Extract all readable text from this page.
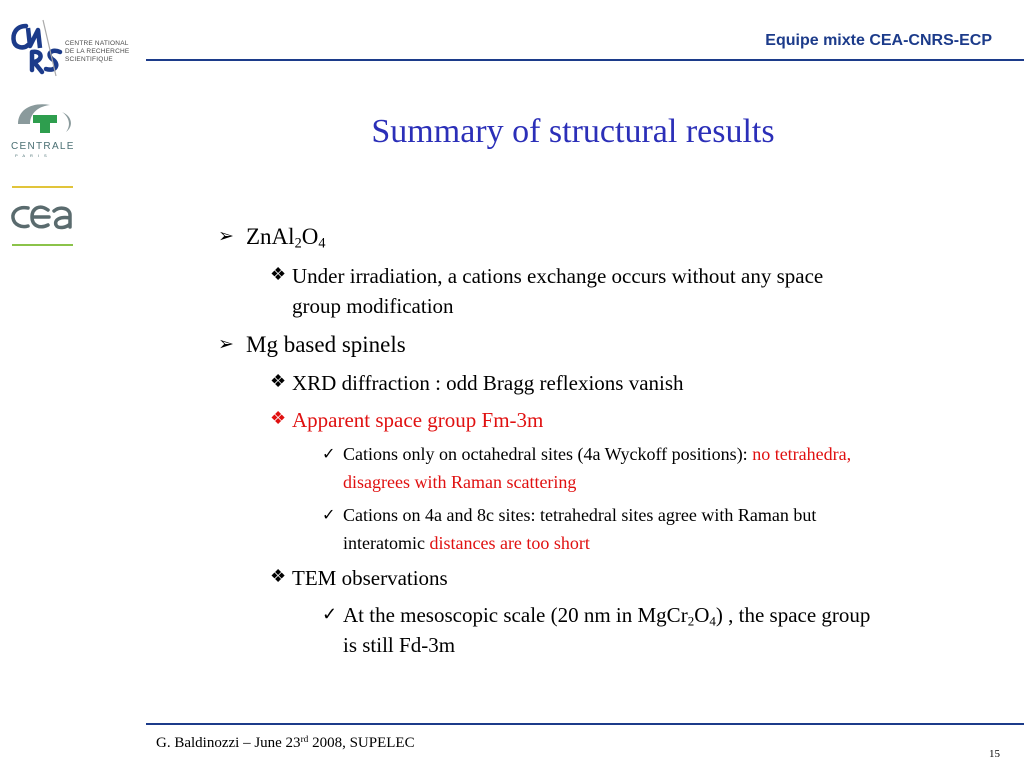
Equipe mixte CEA-CNRS-ECP
CENTRE NATIONAL
DE LA RECHERCHE
SCIENTIFIQUE
CENTRALE
PARIS
Summary of structural results
➢ $ZnAl_2O_4$
❖ Under irradiation, a cations exchange occurs without any space
group modification
➢ Mg based spinels
❖ XRD diffraction : odd Bragg reflexions vanish
❖ Apparent space group Fm-3m
✓ Cations only on octahedral sites (4a Wyckoff positions): no tetrahedra,
disagrees with Raman scattering
✓ Cations on 4a and 8c sites: tetrahedral sites agree with Raman but
interatomic distances are too short
❖ TEM observations
✓ At the mesoscopic scale (20 nm in $MgCr_2O_4$) , the space group
is still Fd-3m
G. Baldinozzi – June 23rd 2008, SUPELEC
15
